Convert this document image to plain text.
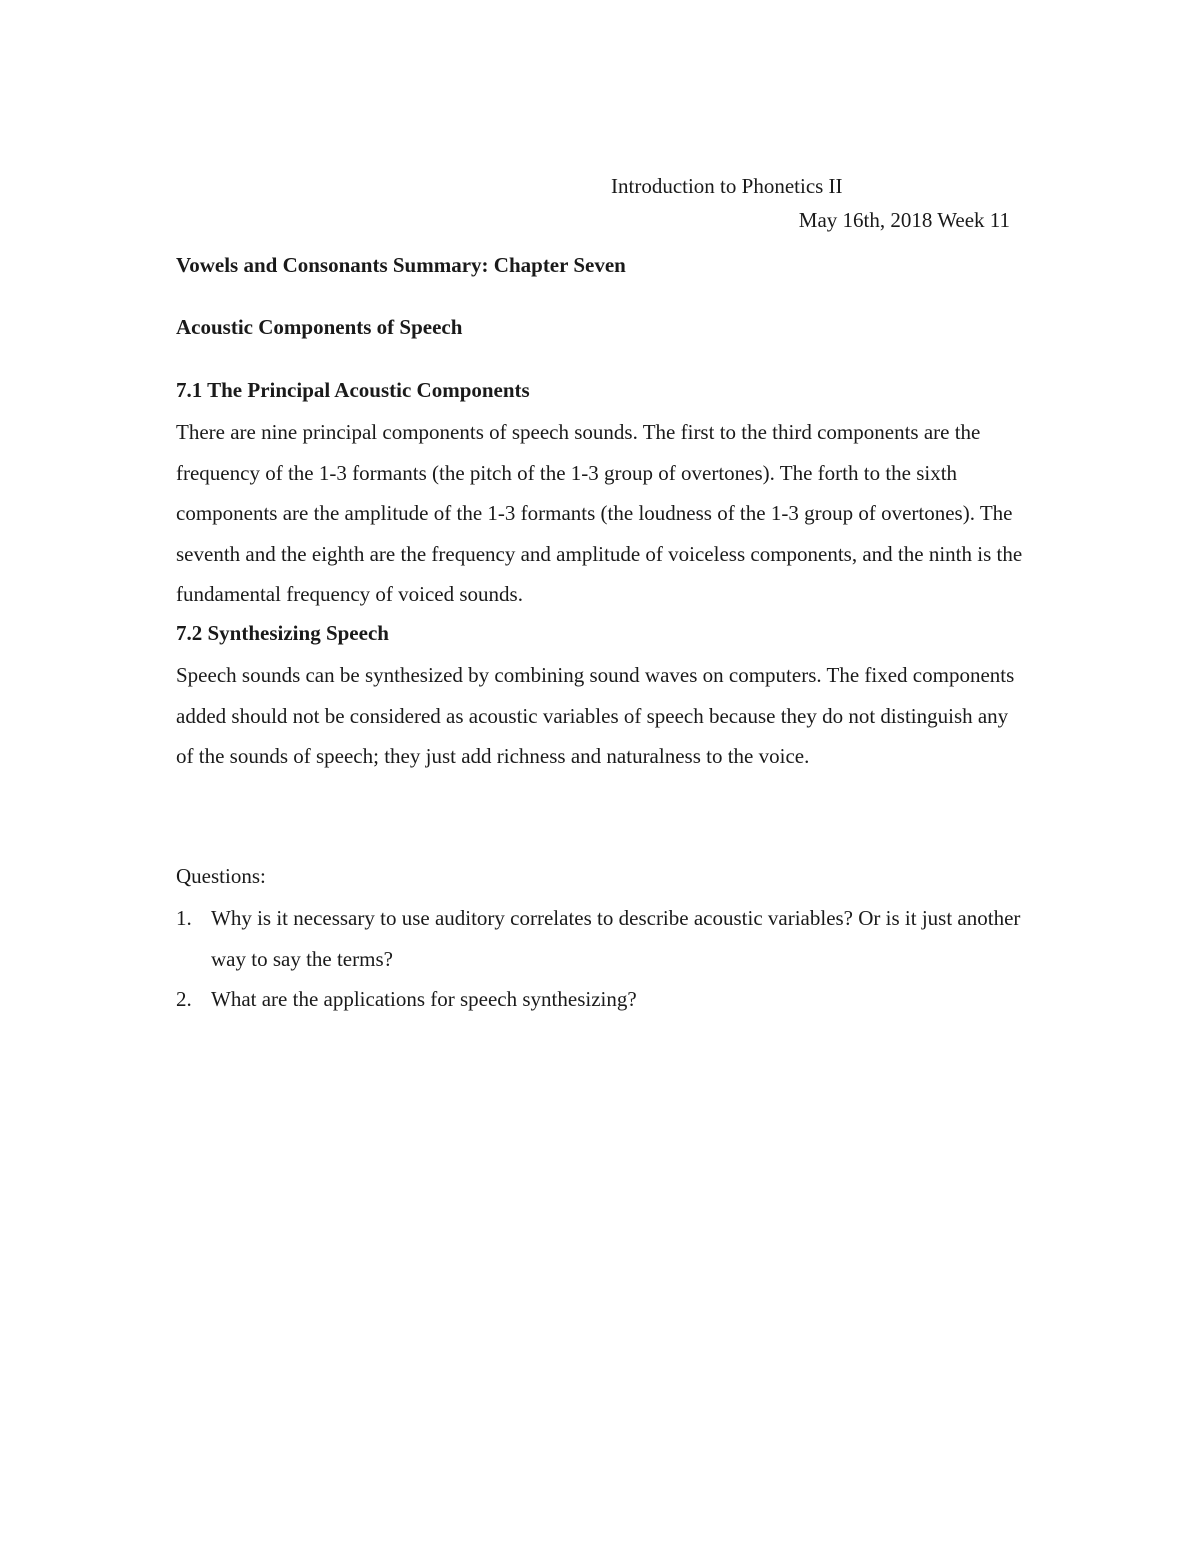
Introduction to Phonetics II
May 16th, 2018 Week 11
Vowels and Consonants Summary: Chapter Seven
Acoustic Components of Speech
7.1 The Principal Acoustic Components

There are nine principal components of speech sounds. The first to the third components are the frequency of the 1-3 formants (the pitch of the 1-3 group of overtones). The forth to the sixth components are the amplitude of the 1-3 formants (the loudness of the 1-3 group of overtones). The seventh and the eighth are the frequency and amplitude of voiceless components, and the ninth is the fundamental frequency of voiced sounds.

7.2 Synthesizing Speech

Speech sounds can be synthesized by combining sound waves on computers. The fixed components added should not be considered as acoustic variables of speech because they do not distinguish any of the sounds of speech; they just add richness and naturalness to the voice.

Questions:
1. Why is it necessary to use auditory correlates to describe acoustic variables? Or is it just another way to say the terms?
2. What are the applications for speech synthesizing?
